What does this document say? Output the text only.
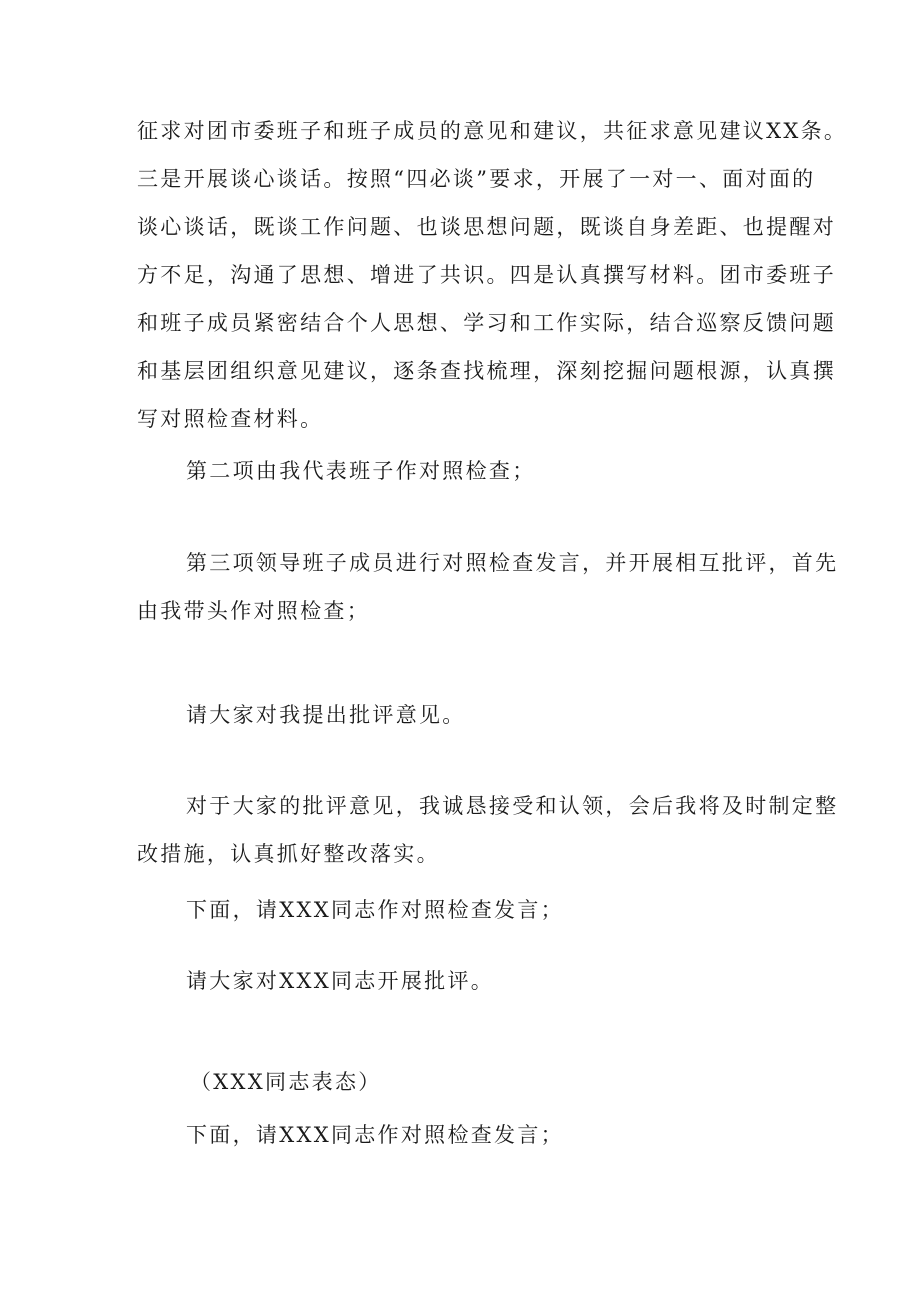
征求对团市委班子和班子成员的意见和建议，共征求意见建议XX条。
三是开展谈心谈话。按照“四必谈”要求，开展了一对一、面对面的
谈心谈话，既谈工作问题、也谈思想问题，既谈自身差距、也提醒对
方不足，沟通了思想、增进了共识。四是认真撰写材料。团市委班子
和班子成员紧密结合个人思想、学习和工作实际，结合巡察反馈问题
和基层团组织意见建议，逐条查找梳理，深刻挖掘问题根源，认真撰
写对照检查材料。
第二项由我代表班子作对照检查；
第三项领导班子成员进行对照检查发言，并开展相互批评，首先
由我带头作对照检查；
请大家对我提出批评意见。
对于大家的批评意见，我诚恳接受和认领，会后我将及时制定整
改措施，认真抓好整改落实。
下面，请XXX同志作对照检查发言；
请大家对XXX同志开展批评。
（XXX同志表态）
下面，请XXX同志作对照检查发言；
